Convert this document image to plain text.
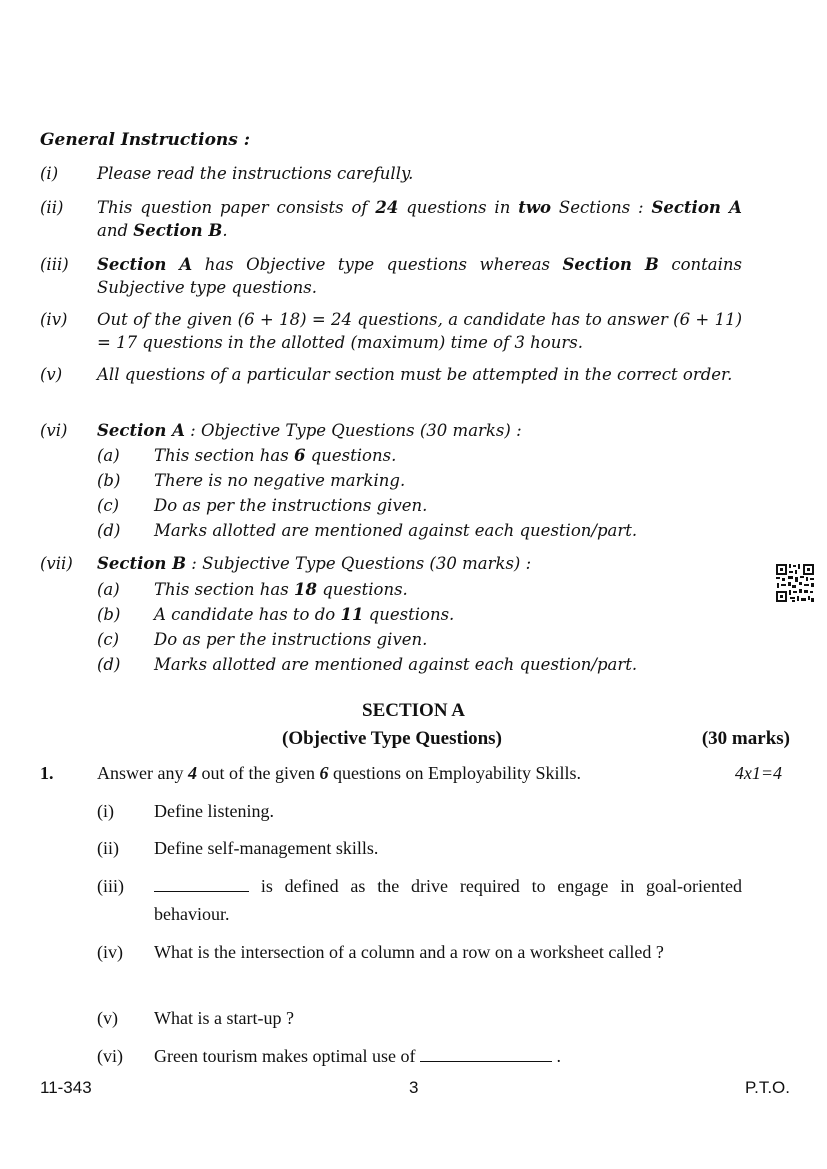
General Instructions :
(i) Please read the instructions carefully.
(ii) This question paper consists of 24 questions in two Sections : Section A and Section B.
(iii) Section A has Objective type questions whereas Section B contains Subjective type questions.
(iv) Out of the given (6 + 18) = 24 questions, a candidate has to answer (6 + 11) = 17 questions in the allotted (maximum) time of 3 hours.
(v) All questions of a particular section must be attempted in the correct order.
(vi) Section A : Objective Type Questions (30 marks) :
(a) This section has 6 questions.
(b) There is no negative marking.
(c) Do as per the instructions given.
(d) Marks allotted are mentioned against each question/part.
(vii) Section B : Subjective Type Questions (30 marks) :
(a) This section has 18 questions.
(b) A candidate has to do 11 questions.
(c) Do as per the instructions given.
(d) Marks allotted are mentioned against each question/part.
SECTION A
(Objective Type Questions)	(30 marks)
1. Answer any 4 out of the given 6 questions on Employability Skills.	4x1=4
(i) Define listening.
(ii) Define self-management skills.
(iii)	is defined as the drive required to engage in goal-oriented behaviour.
(iv) What is the intersection of a column and a row on a worksheet called ?
(v) What is a start-up ?
(vi) Green tourism makes optimal use of	.
11-343	3	P.T.O.
